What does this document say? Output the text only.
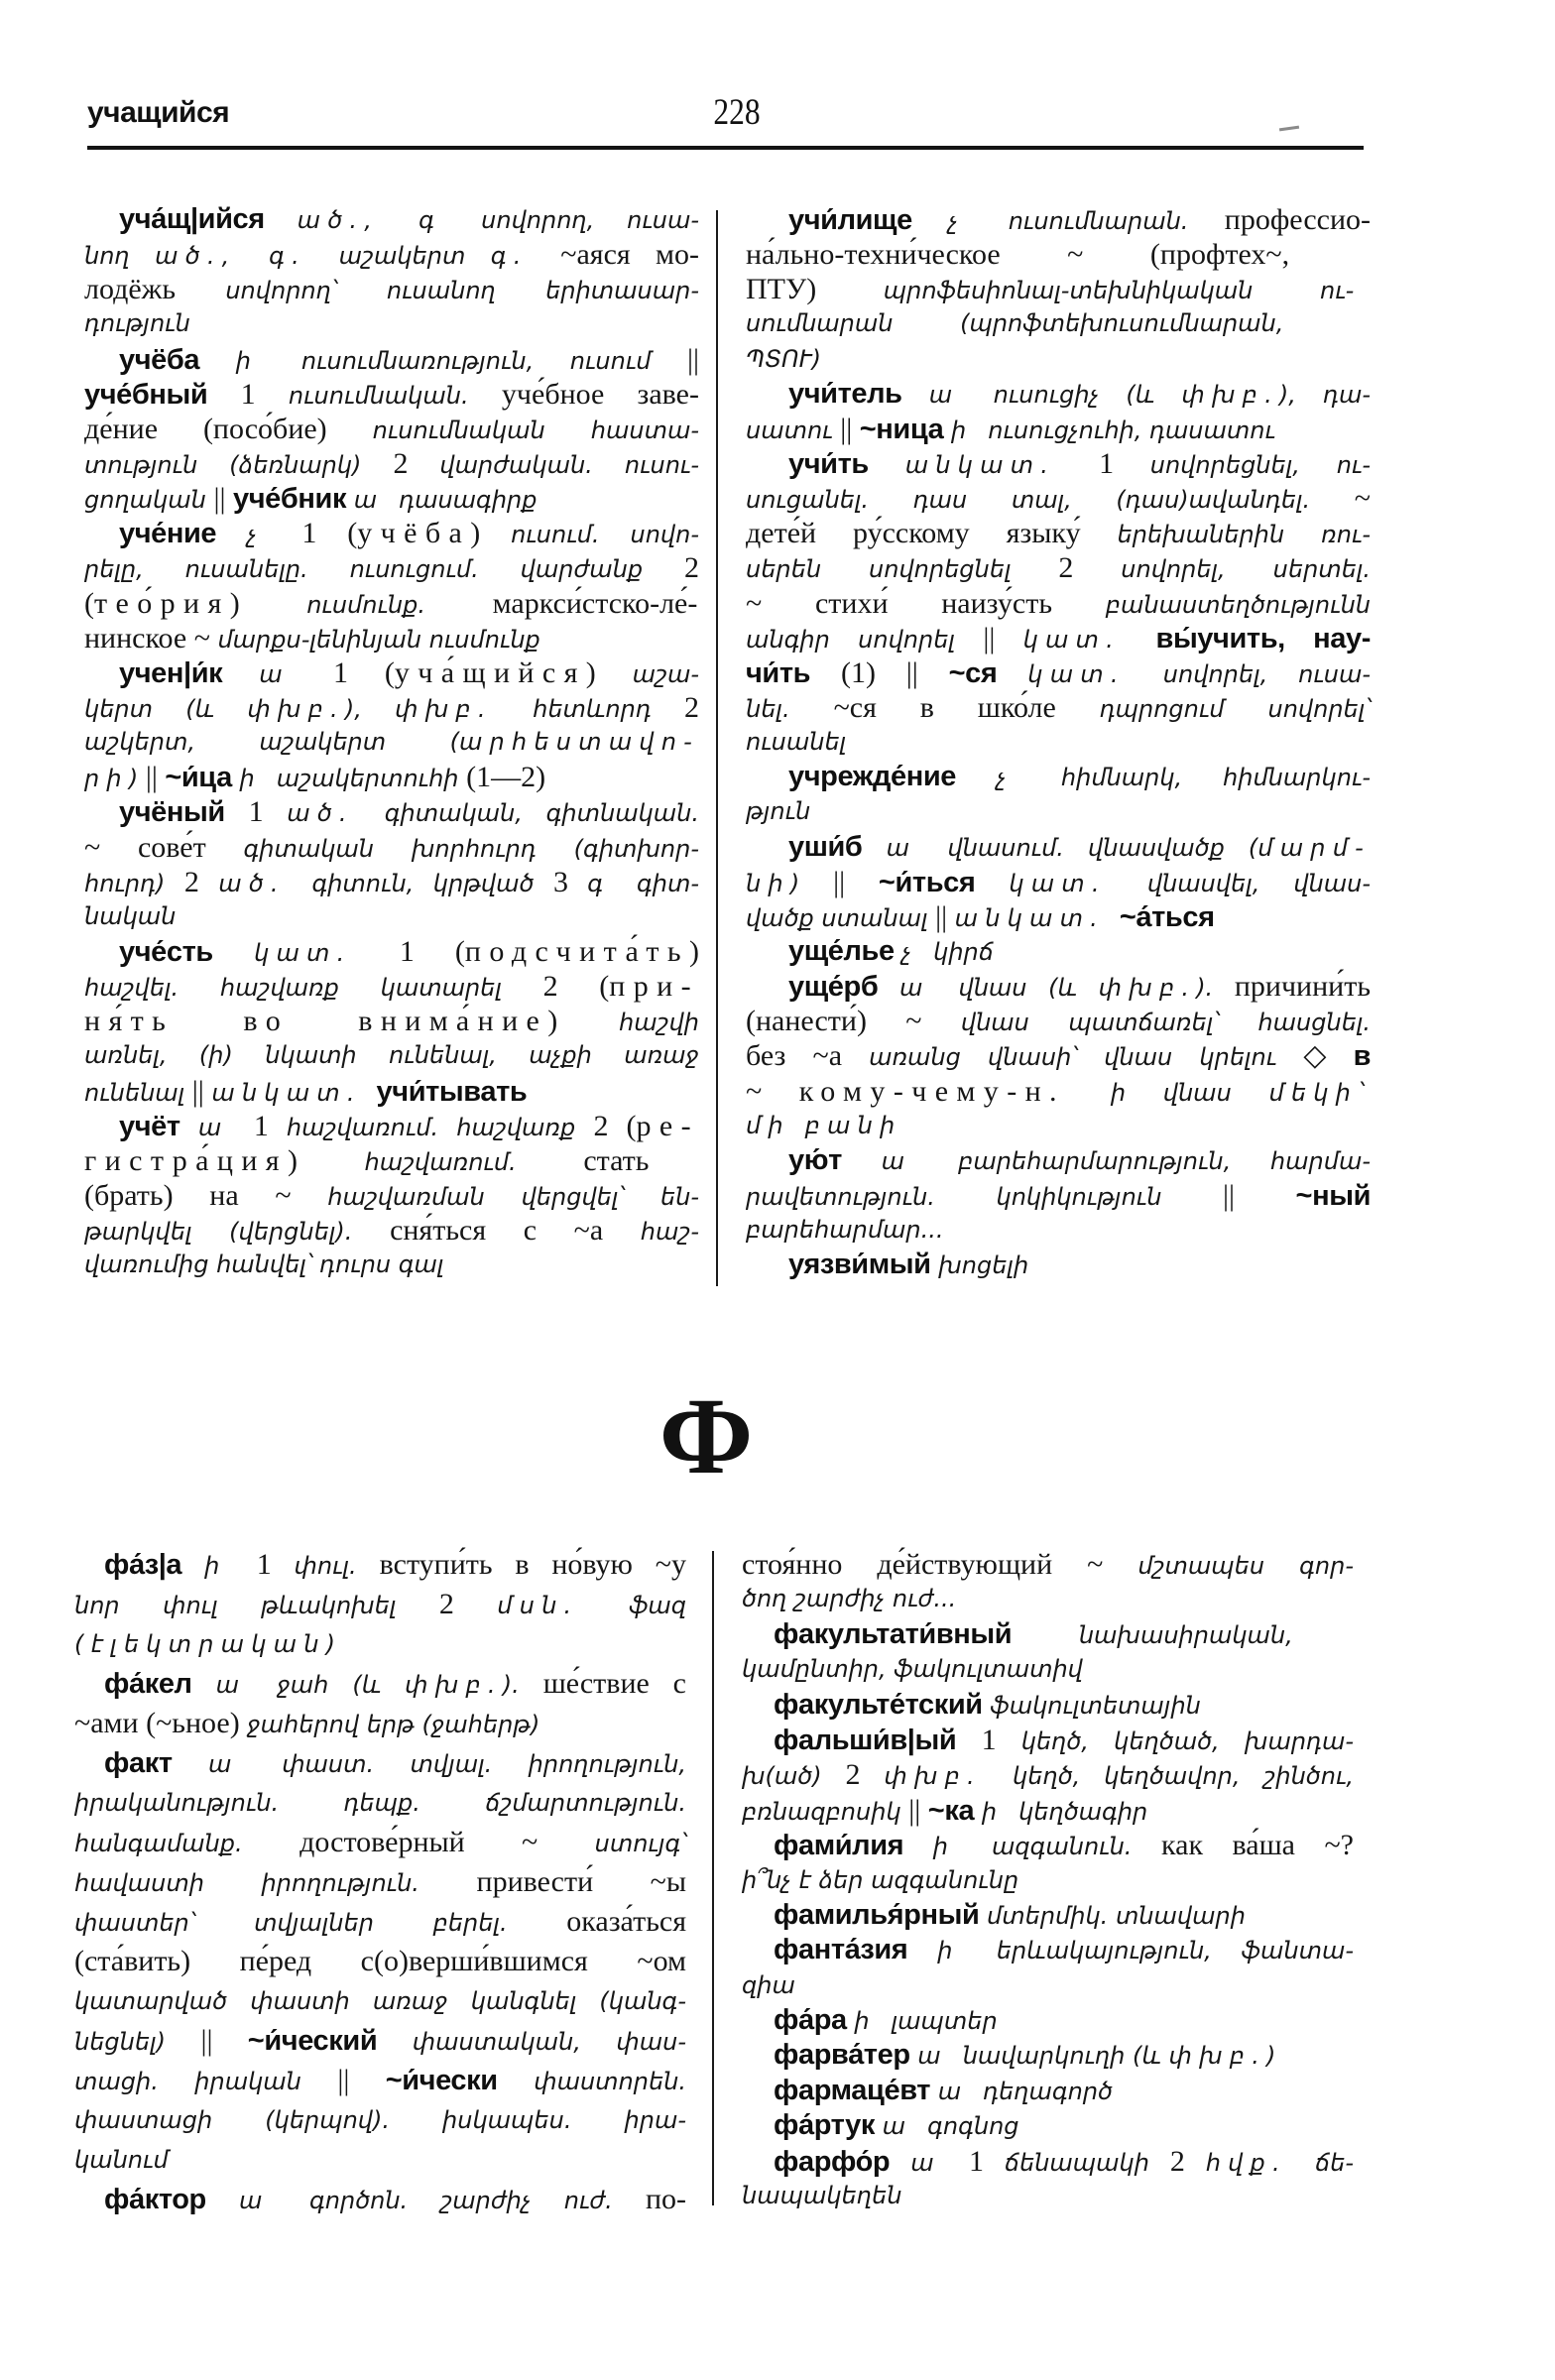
учащийся	228
уча́щ|ийся ած., գ սովորող, ուսա-
նող ած., գ. աշակերտ գ. ~аяся мо-
лодёжь սովորող՝ ուսանող երիտասար-
դություն
учёба ի ուսումնառություն, ուսում ||
уче́бный 1 ուսումնական. уче́бное заве-
де́ние (посо́бие) ուսումնական հաստա-
տություն (ձեռնարկ) 2 վարժական. ուսու-
ցողական || уче́бник ա դասագիրք
уче́ние չ 1 (учёба) ուսում. սովո-
րելը, ուսանելը. ուսուցում. վարժանք 2
(тео́рия) ուսմունք. маркси́стско-ле́-
нинское ~ մարքս-լենինյան ուսմունք
учен|и́к ա 1 (уча́щийся) աշա-
կերտ (և փխբ.), փխբ. հետևորդ 2
աշկերտ, աշակերտ (արհեստավո-
րի) || ~и́ца ի աշակերտուհի (1—2)
учёный 1 ած. գիտական, գիտնական.
~ сове́т գիտական խորհուրդ (գիտխոր-
հուրդ) 2 ած. գիտուն, կրթված 3 գ գիտ-
նական
уче́сть կատ. 1 (подсчита́ть)
հաշվել. հաշվառք կատարել 2 (при-
ня́ть во внима́ние) հաշվի
առնել, (ի) նկատի ունենալ, աչքի առաջ
ունենալ || անկատ. учи́тывать
учёт ա 1 հաշվառում. հաշվառք 2 (ре-
гистра́ция) հաշվառում. стать
(брать) на ~ հաշվառման վերցվել՝ են-
թարկվել (վերցնել). сня́ться с ~а հաշ-
վառումից հանվել՝ դուրս գալ
учи́лище չ ուսումնարան. профессио-
на́льно-техни́ческое ~ (профтех~,
ПТУ) պրոֆեսիոնալ-տեխնիկական ու-
սումնարան (պրոֆտեխուսումնարան,
ՊՏՈՒ)
учи́тель ա ուսուցիչ (և փխբ.), դա-
սատու || ~ница ի ուսուցչուհի, դասատու
учи́ть անկատ. 1 սովորեցնել, ու-
սուցանել. դաս տալ, (դաս)ավանդել. ~
дете́й ру́сскому языку́ երեխաներին ռու-
սերեն սովորեցնել 2 սովորել, սերտել.
~ стихи́ наизу́сть բանաստեղծությունն
անգիր սովորել || կատ. вы́учить, нау-
чи́ть (1) || ~ся կատ. սովորել, ուսա-
նել. ~ся в шко́ле դպրոցում սովորել՝
ուսանել
учрежде́ние չ հիմնարկ, հիմնարկու-
թյուն
уши́б ա վնասում. վնասվածք (մարմ-
նի) || ~и́ться կատ. վնասվել, վնաս-
վածք ստանալ || անկատ. ~а́ться
уще́лье չ կիրճ
уще́рб ա վնաս (և փխբ.). причини́ть
(нанести́) ~ վնաս պատճառել՝ հասցնել.
без ~а առանց վնասի՝ վնաս կրելու ◇ в
~ кому-чему-н. ի վնաս մեկի՝
մի բանի
ую́т ա բարեհարմարություն, հարմա-
րավետություն. կոկիկություն || ~ный
բարեհարմար...
уязви́мый խոցելի
Ф
фа́з|а ի 1 փուլ. вступи́ть в но́вую ~у
նոր փուլ թևակոխել 2 մսն. ֆազ
(էլեկտրական)
фа́кел ա ջահ (և փխբ.). ше́ствие с
~ами (~ьное) ջահերով երթ (ջահերթ)
факт ա փաստ. տվյալ. իրողություն,
իրականություն. դեպք. ճշմարտություն.
հանգամանք. достове́рный ~ ստույգ՝
հավաստի իրողություն. привести́ ~ы
փաստեր՝ տվյալներ բերել. оказа́ться
(ста́вить) пе́ред с(о)верши́вшимся ~ом
կատարված փաստի առաջ կանգնել (կանգ-
նեցնել) || ~и́ческий փաստական, փաս-
տացի. իրական || ~и́чески փաստորեն.
փաստացի (կերպով). իսկապես. իրա-
կանում
фа́ктор ա գործոն. շարժիչ ուժ. по-
стоя́нно де́йствующий ~ մշտապես գոր-
ծող շարժիչ ուժ...
факультати́вный նախասիրական,
կամընտիր, ֆակուլտատիվ
факульте́тский ֆակուլտետային
фальши́в|ый 1 կեղծ, կեղծած, խարդա-
խ(ած) 2 փխբ. կեղծ, կեղծավոր, շինծու,
բռնազբոսիկ || ~ка ի կեղծագիր
фами́лия ի ազգանուն. как ва́ша ~?
ի՞նչ է ձեր ազգանունը
фамилья́рный մտերմիկ. տնավարի
фанта́зия ի երևակայություն, ֆանտա-
զիա
фа́ра ի լապտեր
фарва́тер ա նավարկուղի (և փխբ.)
фармаце́вт ա դեղագործ
фа́ртук ա գոգնոց
фарфо́р ա 1 ճենապակի 2 հվք. ճե-
նապակեղեն
